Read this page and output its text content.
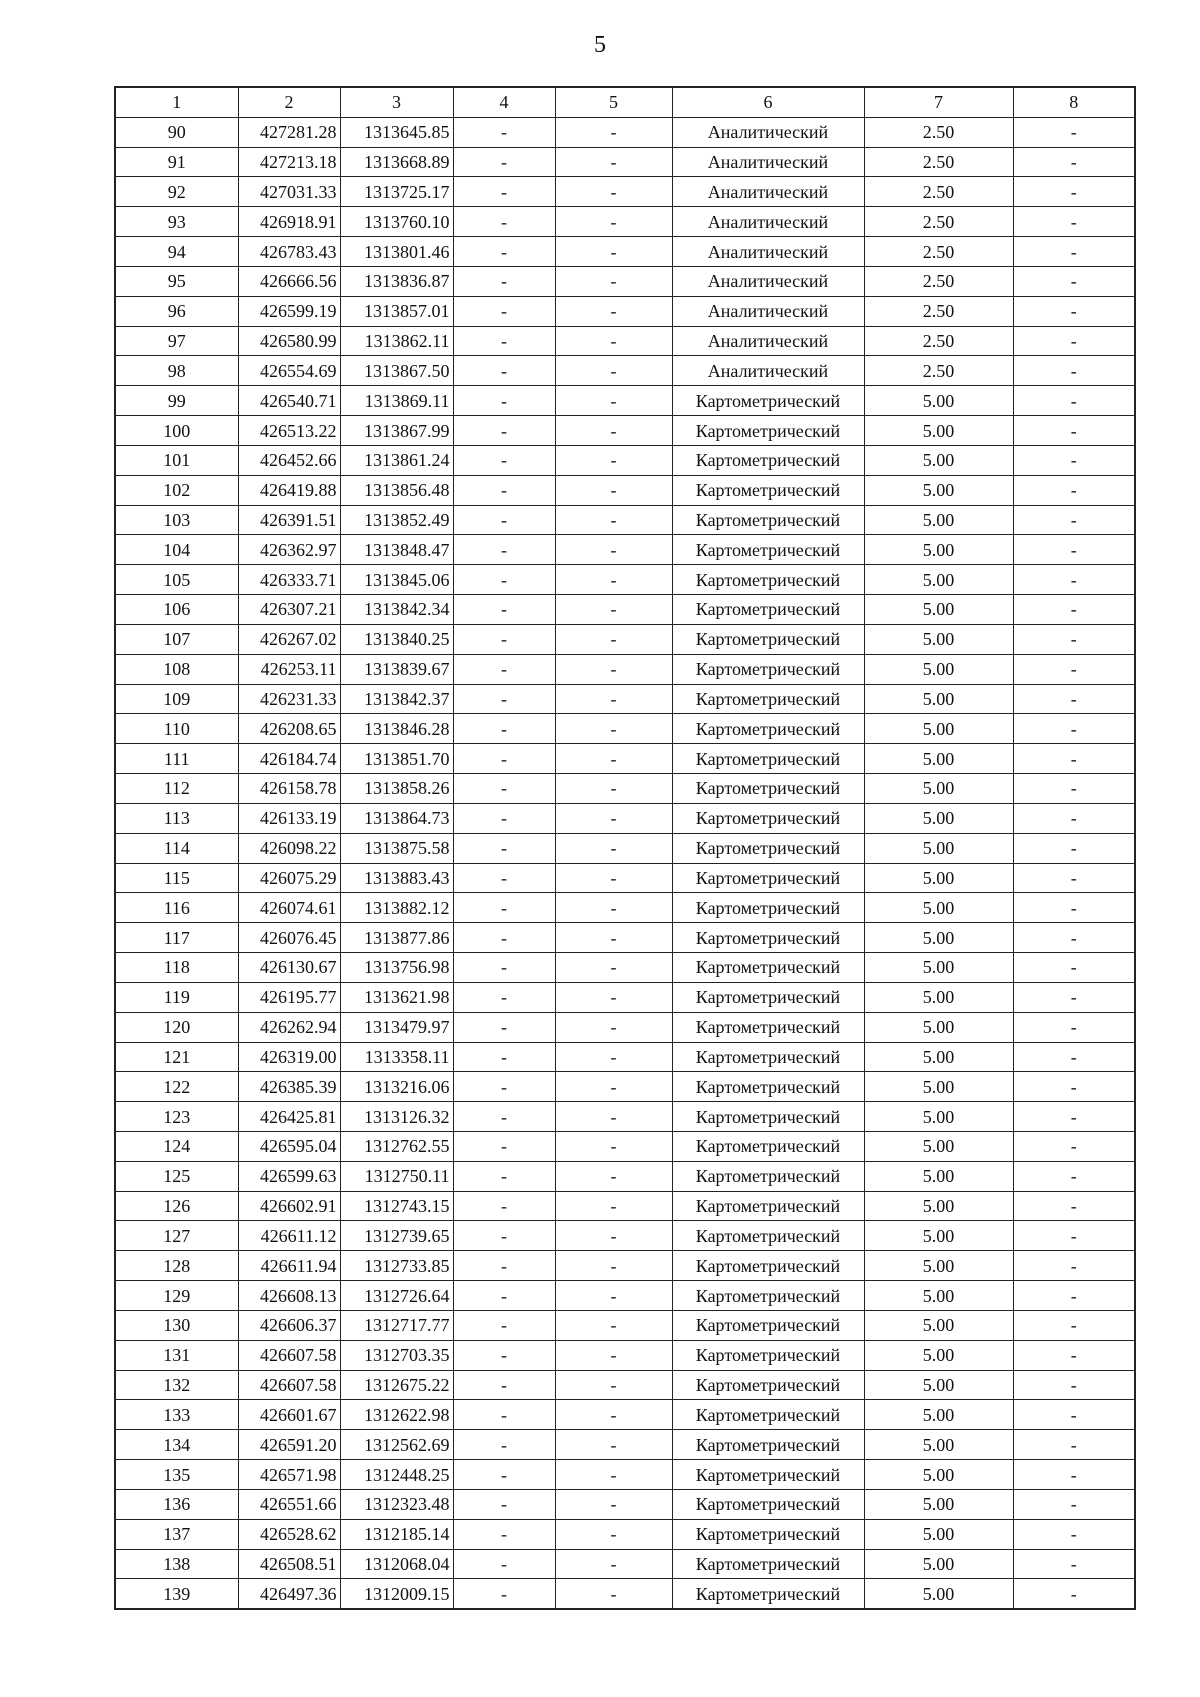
5
1	2	3	4	5	6	7	8
90	427281.28	1313645.85	-	-	Аналитический	2.50	-
91	427213.18	1313668.89	-	-	Аналитический	2.50	-
92	427031.33	1313725.17	-	-	Аналитический	2.50	-
93	426918.91	1313760.10	-	-	Аналитический	2.50	-
94	426783.43	1313801.46	-	-	Аналитический	2.50	-
95	426666.56	1313836.87	-	-	Аналитический	2.50	-
96	426599.19	1313857.01	-	-	Аналитический	2.50	-
97	426580.99	1313862.11	-	-	Аналитический	2.50	-
98	426554.69	1313867.50	-	-	Аналитический	2.50	-
99	426540.71	1313869.11	-	-	Картометрический	5.00	-
100	426513.22	1313867.99	-	-	Картометрический	5.00	-
101	426452.66	1313861.24	-	-	Картометрический	5.00	-
102	426419.88	1313856.48	-	-	Картометрический	5.00	-
103	426391.51	1313852.49	-	-	Картометрический	5.00	-
104	426362.97	1313848.47	-	-	Картометрический	5.00	-
105	426333.71	1313845.06	-	-	Картометрический	5.00	-
106	426307.21	1313842.34	-	-	Картометрический	5.00	-
107	426267.02	1313840.25	-	-	Картометрический	5.00	-
108	426253.11	1313839.67	-	-	Картометрический	5.00	-
109	426231.33	1313842.37	-	-	Картометрический	5.00	-
110	426208.65	1313846.28	-	-	Картометрический	5.00	-
111	426184.74	1313851.70	-	-	Картометрический	5.00	-
112	426158.78	1313858.26	-	-	Картометрический	5.00	-
113	426133.19	1313864.73	-	-	Картометрический	5.00	-
114	426098.22	1313875.58	-	-	Картометрический	5.00	-
115	426075.29	1313883.43	-	-	Картометрический	5.00	-
116	426074.61	1313882.12	-	-	Картометрический	5.00	-
117	426076.45	1313877.86	-	-	Картометрический	5.00	-
118	426130.67	1313756.98	-	-	Картометрический	5.00	-
119	426195.77	1313621.98	-	-	Картометрический	5.00	-
120	426262.94	1313479.97	-	-	Картометрический	5.00	-
121	426319.00	1313358.11	-	-	Картометрический	5.00	-
122	426385.39	1313216.06	-	-	Картометрический	5.00	-
123	426425.81	1313126.32	-	-	Картометрический	5.00	-
124	426595.04	1312762.55	-	-	Картометрический	5.00	-
125	426599.63	1312750.11	-	-	Картометрический	5.00	-
126	426602.91	1312743.15	-	-	Картометрический	5.00	-
127	426611.12	1312739.65	-	-	Картометрический	5.00	-
128	426611.94	1312733.85	-	-	Картометрический	5.00	-
129	426608.13	1312726.64	-	-	Картометрический	5.00	-
130	426606.37	1312717.77	-	-	Картометрический	5.00	-
131	426607.58	1312703.35	-	-	Картометрический	5.00	-
132	426607.58	1312675.22	-	-	Картометрический	5.00	-
133	426601.67	1312622.98	-	-	Картометрический	5.00	-
134	426591.20	1312562.69	-	-	Картометрический	5.00	-
135	426571.98	1312448.25	-	-	Картометрический	5.00	-
136	426551.66	1312323.48	-	-	Картометрический	5.00	-
137	426528.62	1312185.14	-	-	Картометрический	5.00	-
138	426508.51	1312068.04	-	-	Картометрический	5.00	-
139	426497.36	1312009.15	-	-	Картометрический	5.00	-
